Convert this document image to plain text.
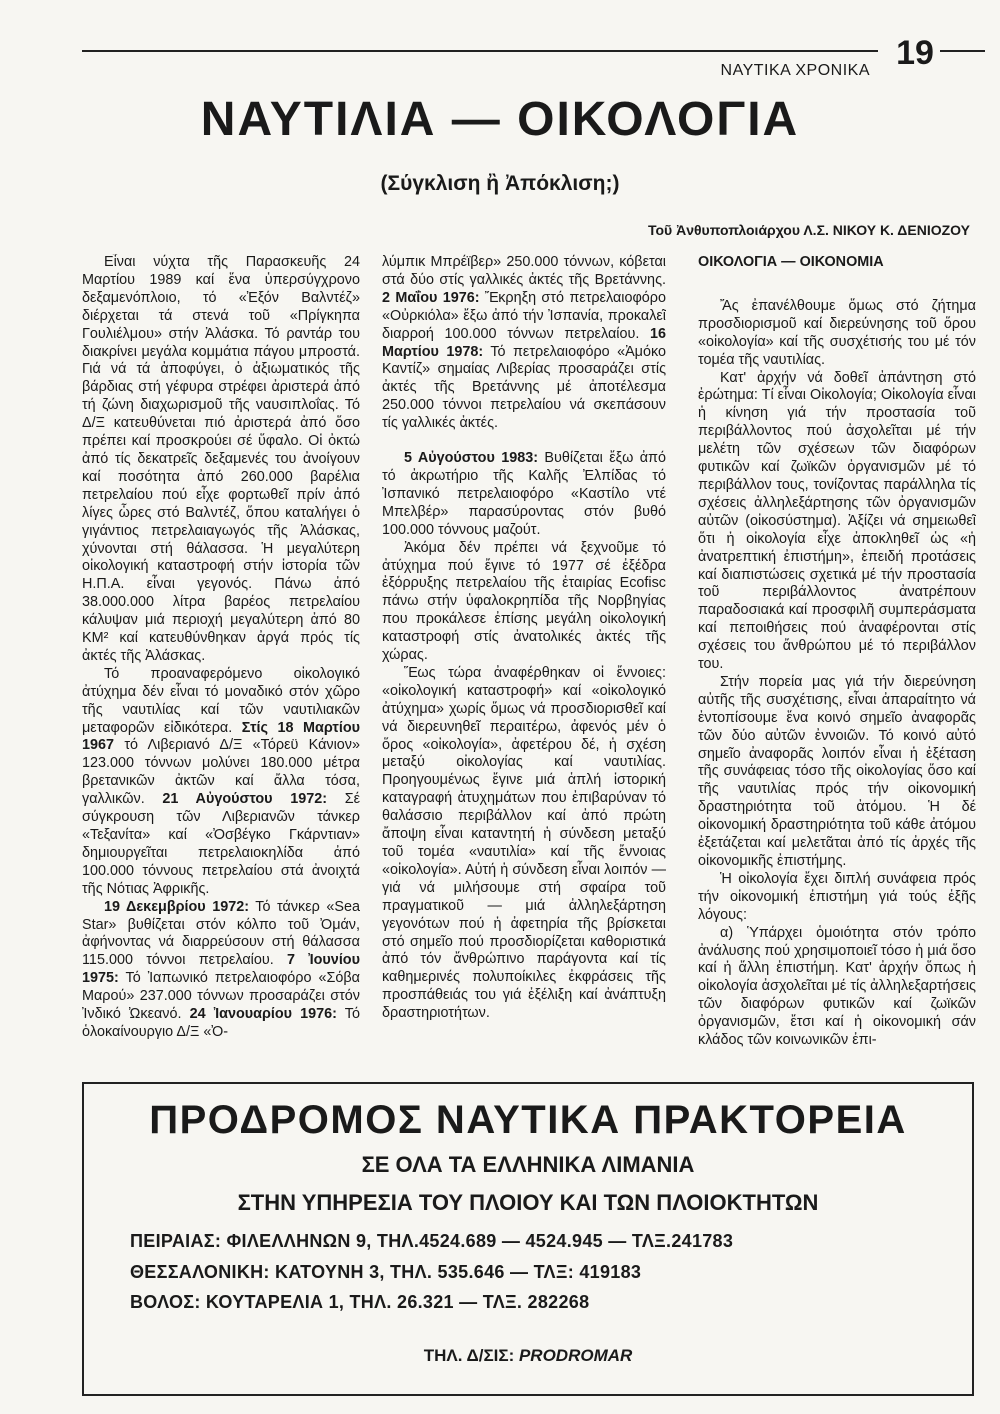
ΝΑΥΤΙΚΑ ΧΡΟΝΙΚΑ 19
ΝΑΥΤΙΛΙΑ — ΟΙΚΟΛΟΓΙΑ
(Σύγκλιση ἢ Ἀπόκλιση;)
Τοῦ Ἀνθυποπλοιάρχου Λ.Σ. ΝΙΚΟΥ Κ. ΔΕΝΙΟΖΟΥ

Εἶναι νύχτα τῆς Παρασκευῆς 24 Μαρτίου 1989 καί ἕνα ὑπερσύγχρονο δεξαμενόπλοιο, τό «Ἐξόν Βαλντέζ» διέρχεται τά στενά τοῦ «Πρίγκηπα Γουλιέλμου» στήν Ἀλάσκα. Τό ραντάρ του διακρίνει μεγάλα κομμάτια πάγου μπροστά. Γιά νά τά ἀποφύγει, ὁ ἀξιωματικός τῆς βάρδιας στή γέφυρα στρέφει ἀριστερά ἀπό τή ζώνη διαχωρισμοῦ τῆς ναυσιπλοΐας. Τό Δ/Ξ κατευθύνεται πιό ἀριστερά ἀπό ὅσο πρέπει καί προσκρούει σέ ὕφαλο. Οἱ ὀκτώ ἀπό τίς δεκατρεῖς δεξαμενές του ἀνοίγουν καί ποσότητα ἀπό 260.000 βαρέλια πετρελαίου πού εἶχε φορτωθεῖ πρίν ἀπό λίγες ὧρες στό Βαλντέζ, ὅπου καταλήγει ὁ γιγάντιος πετρελαιαγωγός τῆς Ἀλάσκας, χύνονται στή θάλασσα. Ἡ μεγαλύτερη οἰκολογική καταστροφή στήν ἱστορία τῶν Η.Π.Α. εἶναι γεγονός. Πάνω ἀπό 38.000.000 λίτρα βαρέος πετρελαίου κάλυψαν μιά περιοχή μεγαλύτερη ἀπό 80 ΚΜ² καί κατευθύνθηκαν ἀργά πρός τίς ἀκτές τῆς Ἀλάσκας.

Τό προαναφερόμενο οἰκολογικό ἀτύχημα δέν εἶναι τό μοναδικό στόν χῶρο τῆς ναυτιλίας καί τῶν ναυτιλιακῶν μεταφορῶν εἰδικότερα. Στίς 18 Μαρτίου 1967 τό Λιβεριανό Δ/Ξ «Τόρεϋ Κάνιον» 123.000 τόννων μολύνει 180.000 μέτρα βρετανικῶν ἀκτῶν καί ἄλλα τόσα, γαλλικῶν. 21 Αὐγούστου 1972: Σέ σύγκρουση τῶν Λιβεριανῶν τάνκερ «Τεξανίτα» καί «Ὀσβέγκο Γκάρντιαν» δημιουργεῖται πετρελαιοκηλίδα ἀπό 100.000 τόννους πετρελαίου στά ἀνοιχτά τῆς Νότιας Ἀφρικῆς.

19 Δεκεμβρίου 1972: Τό τάνκερ «Sea Star» βυθίζεται στόν κόλπο τοῦ Ὀμάν, ἀφήνοντας νά διαρρεύσουν στή θάλασσα 115.000 τόννοι πετρελαίου. 7 Ἰουνίου 1975: Τό Ἰαπωνικό πετρελαιοφόρο «Σόβα Μαρού» 237.000 τόννων προσαράζει στόν Ἰνδικό Ὠκεανό. 24 Ἰανουαρίου 1976: Τό ὁλοκαίνουργιο Δ/Ξ «Ὀ-

λύμπικ Μπρέϊβερ» 250.000 τόννων, κόβεται στά δύο στίς γαλλικές ἀκτές τῆς Βρετάννης. 2 Μαΐου 1976: Ἔκρηξη στό πετρελαιοφόρο «Οὐρκιόλα» ἔξω ἀπό τήν Ἰσπανία, προκαλεῖ διαρροή 100.000 τόννων πετρελαίου. 16 Μαρτίου 1978: Τό πετρελαιοφόρο «Ἀμόκο Καντίζ» σημαίας Λιβερίας προσαράζει στίς ἀκτές τῆς Βρετάννης μέ ἀποτέλεσμα 250.000 τόννοι πετρελαίου νά σκεπάσουν τίς γαλλικές ἀκτές.

5 Αὐγούστου 1983: Βυθίζεται ἔξω ἀπό τό ἀκρωτήριο τῆς Καλῆς Ἐλπίδας τό Ἰσπανικό πετρελαιοφόρο «Καστίλο ντέ Μπελβέρ» παρασύροντας στόν βυθό 100.000 τόννους μαζούτ.

Ἀκόμα δέν πρέπει νά ξεχνοῦμε τό ἀτύχημα πού ἔγινε τό 1977 σέ ἐξέδρα ἐξόρρυξης πετρελαίου τῆς ἑταιρίας Ecofisc πάνω στήν ὑφαλοκρηπίδα τῆς Νορβηγίας που προκάλεσε ἐπίσης μεγάλη οἰκολογική καταστροφή στίς ἀνατολικές ἀκτές τῆς χώρας.

Ἕως τώρα ἀναφέρθηκαν οἱ ἔννοιες: «οἰκολογική καταστροφή» καί «οἰκολογικό ἀτύχημα» χωρίς ὅμως νά προσδιορισθεῖ καί νά διερευνηθεῖ περαιτέρω, ἀφενός μέν ὁ ὅρος «οἰκολογία», ἀφετέρου δέ, ἡ σχέση μεταξύ οἰκολογίας καί ναυτιλίας. Προηγουμένως ἔγινε μιά ἁπλή ἱστορική καταγραφή ἀτυχημάτων που ἐπιβαρύναν τό θαλάσσιο περιβάλλον καί ἀπό πρώτη ἄποψη εἶναι καταντητή ἡ σύνδεση μεταξύ τοῦ τομέα «ναυτιλία» καί τῆς ἔννοιας «οἰκολογία». Αὐτή ἡ σύνδεση εἶναι λοιπόν — γιά νά μιλήσουμε στή σφαίρα τοῦ πραγματικοῦ — μιά ἀλληλεξάρτηση γεγονότων πού ἡ ἀφετηρία τῆς βρίσκεται στό σημεῖο πού προσδιορίζεται καθοριστικά ἀπό τόν ἄνθρώπινο παράγοντα καί τίς καθημερινές πολυποίκιλες ἐκφράσεις τῆς προσπάθειάς του γιά ἐξέλιξη καί ἀνάπτυξη δραστηριοτήτων.

ΟΙΚΟΛΟΓΙΑ — ΟΙΚΟΝΟΜΙΑ

Ἄς ἐπανέλθουμε ὅμως στό ζήτημα προσδιορισμοῦ καί διερεύνησης τοῦ ὅρου «οἰκολογία» καί τῆς συσχέτισής του μέ τόν τομέα τῆς ναυτιλίας.

Κατ' ἀρχήν νά δοθεῖ ἀπάντηση στό ἐρώτημα: Τί εἶναι Οἰκολογία; Οἰκολογία εἶναι ἡ κίνηση γιά τήν προστασία τοῦ περιβάλλοντος πού ἀσχολεῖται μέ τήν μελέτη τῶν σχέσεων τῶν διαφόρων φυτικῶν καί ζωϊκῶν ὀργανισμῶν μέ τό περιβάλλον τους, τονίζοντας παράλληλα τίς σχέσεις ἀλληλεξάρτησης τῶν ὀργανισμῶν αὐτῶν (οἰκοσύστημα). Ἀξίζει νά σημειωθεῖ ὅτι ἡ οἰκολογία εἶχε ἀποκληθεῖ ὡς «ἡ ἀνατρεπτική ἐπιστήμη», ἐπειδή προτάσεις καί διαπιστώσεις σχετικά μέ τήν προστασία τοῦ περιβάλλοντος ἀνατρέπουν παραδοσιακά καί προσφιλῆ συμπεράσματα καί πεποιθήσεις πού ἀναφέρονται στίς σχέσεις του ἄνθρώπου μέ τό περιβάλλον του.

Στήν πορεία μας γιά τήν διερεύνηση αὐτῆς τῆς συσχέτισης, εἶναι ἀπαραίτητο νά ἐντοπίσουμε ἕνα κοινό σημεῖο ἀναφορᾶς τῶν δύο αὐτῶν ἐννοιῶν. Τό κοινό αὐτό σημεῖο ἀναφορᾶς λοιπόν εἶναι ἡ ἐξέταση τῆς συνάφειας τόσο τῆς οἰκολογίας ὅσο καί τῆς ναυτιλίας πρός τήν οἰκονομική δραστηριότητα τοῦ ἀτόμου. Ἡ δέ οἰκονομική δραστηριότητα τοῦ κάθε ἀτόμου ἐξετάζεται καί μελετᾶται ἀπό τίς ἀρχές τῆς οἰκονομικῆς ἐπιστήμης.

Ἡ οἰκολογία ἔχει διπλή συνάφεια πρός τήν οἰκονομική ἐπιστήμη γιά τούς ἑξῆς λόγους:

α) Ὑπάρχει ὁμοιότητα στόν τρόπο ἀνάλυσης πού χρησιμοποιεῖ τόσο ἡ μιά ὅσο καί ἡ ἄλλη ἐπιστήμη. Κατ' ἀρχήν ὅπως ἡ οἰκολογία ἀσχολεῖται μέ τίς ἀλληλεξαρτήσεις τῶν διαφόρων φυτικῶν καί ζωϊκῶν ὀργανισμῶν, ἔτσι καί ἡ οἰκονομική σάν κλάδος τῶν κοινωνικῶν ἐπι-

ΠΡΟΔΡΟΜΟΣ ΝΑΥΤΙΚΑ ΠΡΑΚΤΟΡΕΙΑ
ΣΕ ΟΛΑ ΤΑ ΕΛΛΗΝΙΚΑ ΛΙΜΑΝΙΑ
ΣΤΗΝ ΥΠΗΡΕΣΙΑ ΤΟΥ ΠΛΟΙΟΥ ΚΑΙ ΤΩΝ ΠΛΟΙΟΚΤΗΤΩΝ
ΠΕΙΡΑΙΑΣ: ΦΙΛΕΛΛΗΝΩΝ 9, ΤΗΛ.4524.689 — 4524.945 — ΤΛΞ.241783
ΘΕΣΣΑΛΟΝΙΚΗ: ΚΑΤΟΥΝΗ 3, ΤΗΛ. 535.646 — ΤΛΞ: 419183
ΒΟΛΟΣ: ΚΟΥΤΑΡΕΛΙΑ 1, ΤΗΛ. 26.321 — ΤΛΞ. 282268
ΤΗΛ. Δ/ΣΙΣ: PRODROMAR
